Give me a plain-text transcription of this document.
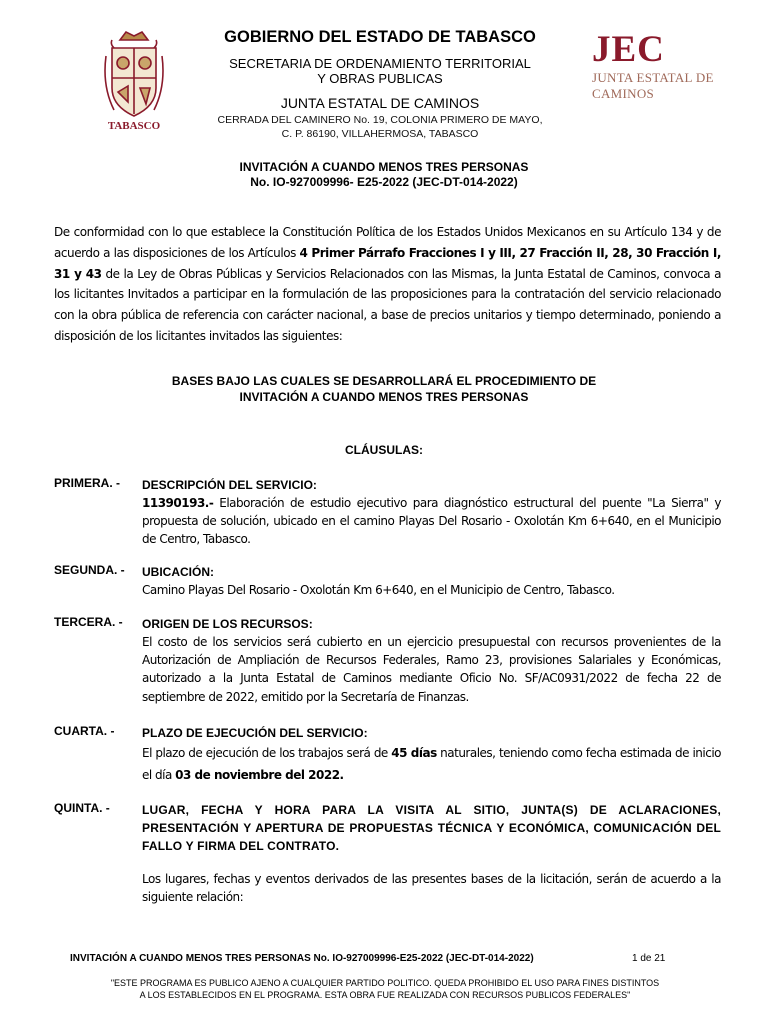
TABASCO
GOBIERNO DEL ESTADO DE TABASCO
SECRETARIA DE ORDENAMIENTO TERRITORIAL
Y OBRAS PUBLICAS
JUNTA ESTATAL DE CAMINOS
CERRADA DEL CAMINERO No. 19, COLONIA PRIMERO DE MAYO,
C. P. 86190, VILLAHERMOSA, TABASCO
JEC
JUNTA ESTATAL DE
CAMINOS
INVITACIÓN A CUANDO MENOS TRES PERSONAS
No. IO-927009996- E25-2022 (JEC-DT-014-2022)
De conformidad con lo que establece la Constitución Política de los Estados Unidos Mexicanos en su Artículo 134 y de acuerdo a las disposiciones de los Artículos 4 Primer Párrafo Fracciones I y III, 27 Fracción II, 28, 30 Fracción I, 31 y 43 de la Ley de Obras Públicas y Servicios Relacionados con las Mismas, la Junta Estatal de Caminos, convoca a los licitantes Invitados a participar en la formulación de las proposiciones para la contratación del servicio relacionado con la obra pública de referencia con carácter nacional, a base de precios unitarios y tiempo determinado, poniendo a disposición de los licitantes invitados las siguientes:
BASES BAJO LAS CUALES SE DESARROLLARÁ EL PROCEDIMIENTO DE
INVITACIÓN A CUANDO MENOS TRES PERSONAS
CLÁUSULAS:
PRIMERA. - DESCRIPCIÓN DEL SERVICIO:
11390193.- Elaboración de estudio ejecutivo para diagnóstico estructural del puente "La Sierra" y propuesta de solución, ubicado en el camino Playas Del Rosario - Oxolotán Km 6+640, en el Municipio de Centro, Tabasco.
SEGUNDA. - UBICACIÓN:
Camino Playas Del Rosario - Oxolotán Km 6+640, en el Municipio de Centro, Tabasco.
TERCERA. - ORIGEN DE LOS RECURSOS:
El costo de los servicios será cubierto en un ejercicio presupuestal con recursos provenientes de la Autorización de Ampliación de Recursos Federales, Ramo 23, provisiones Salariales y Económicas, autorizado a la Junta Estatal de Caminos mediante Oficio No. SF/AC0931/2022 de fecha 22 de septiembre de 2022, emitido por la Secretaría de Finanzas.
CUARTA. - PLAZO DE EJECUCIÓN DEL SERVICIO:
El plazo de ejecución de los trabajos será de 45 días naturales, teniendo como fecha estimada de inicio el día 03 de noviembre del 2022.
QUINTA. -	LUGAR, FECHA Y HORA PARA LA VISITA AL SITIO, JUNTA(S) DE ACLARACIONES, PRESENTACIÓN Y APERTURA DE PROPUESTAS TÉCNICA Y ECONÓMICA, COMUNICACIÓN DEL FALLO Y FIRMA DEL CONTRATO.
Los lugares, fechas y eventos derivados de las presentes bases de la licitación, serán de acuerdo a la siguiente relación:
INVITACIÓN A CUANDO MENOS TRES PERSONAS No. IO-927009996-E25-2022 (JEC-DT-014-2022)	1 de 21
"ESTE PROGRAMA ES PUBLICO AJENO A CUALQUIER PARTIDO POLITICO. QUEDA PROHIBIDO EL USO PARA FINES DISTINTOS
A LOS ESTABLECIDOS EN EL PROGRAMA. ESTA OBRA FUE REALIZADA CON RECURSOS PUBLICOS FEDERALES"
